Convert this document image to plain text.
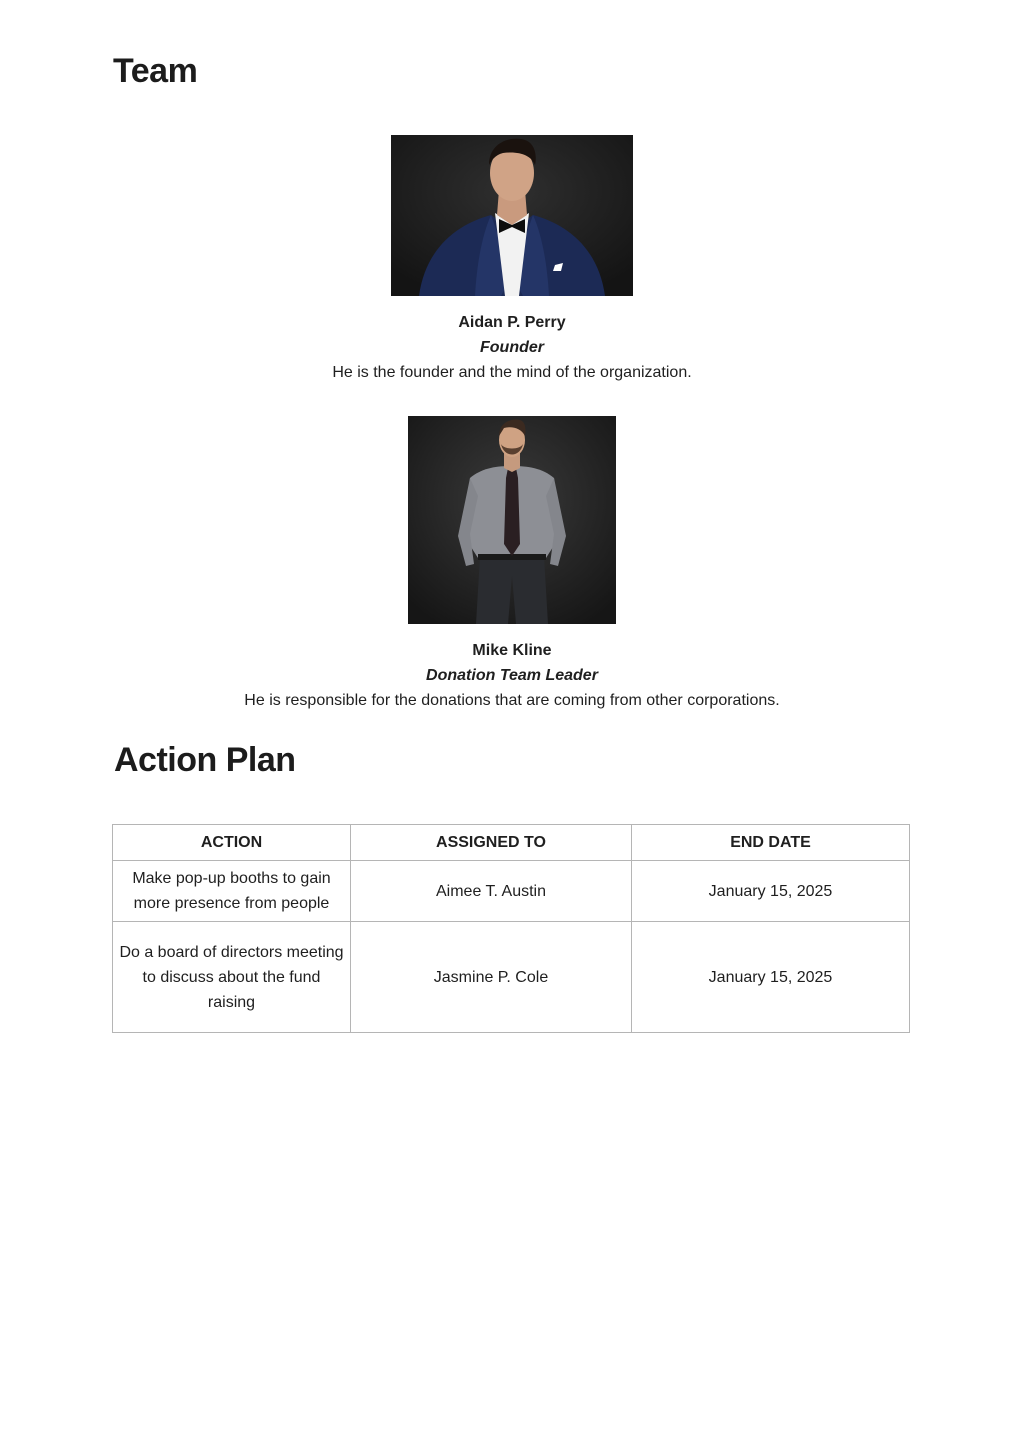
Team
Aidan P. Perry
Founder
He is the founder and the mind of the organization.
Mike Kline
Donation Team Leader
He is responsible for the donations that are coming from other corporations.
Action Plan
ACTION	ASSIGNED TO	END DATE
Make pop-up booths to gain more presence from people	Aimee T. Austin	January 15, 2025
Do a board of directors meeting to discuss about the fund raising	Jasmine P. Cole	January 15, 2025
